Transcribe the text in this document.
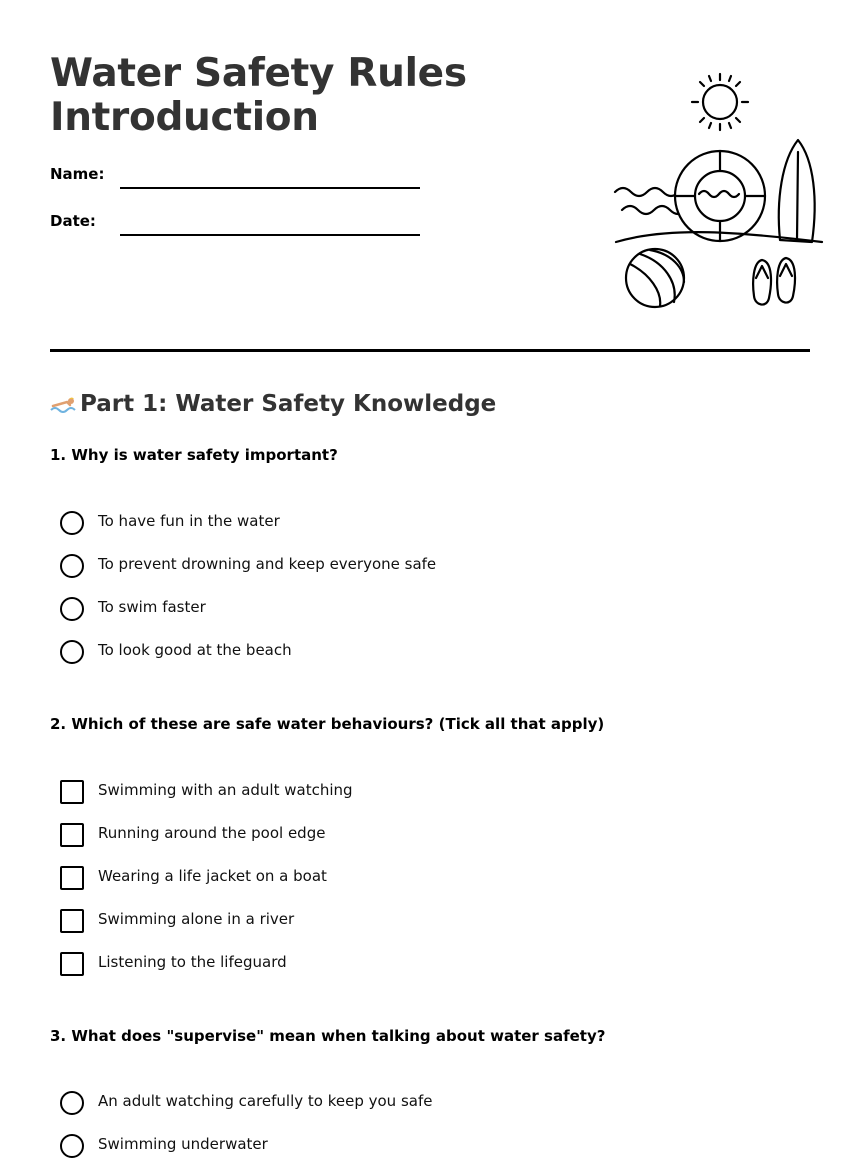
Water Safety Rules
Introduction
Name:
Date:
Part 1: Water Safety Knowledge

1. Why is water safety important?

To have fun in the water
To prevent drowning and keep everyone safe
To swim faster
To look good at the beach

2. Which of these are safe water behaviours? (Tick all that apply)

Swimming with an adult watching
Running around the pool edge
Wearing a life jacket on a boat
Swimming alone in a river
Listening to the lifeguard

3. What does "supervise" mean when talking about water safety?

An adult watching carefully to keep you safe
Swimming underwater
